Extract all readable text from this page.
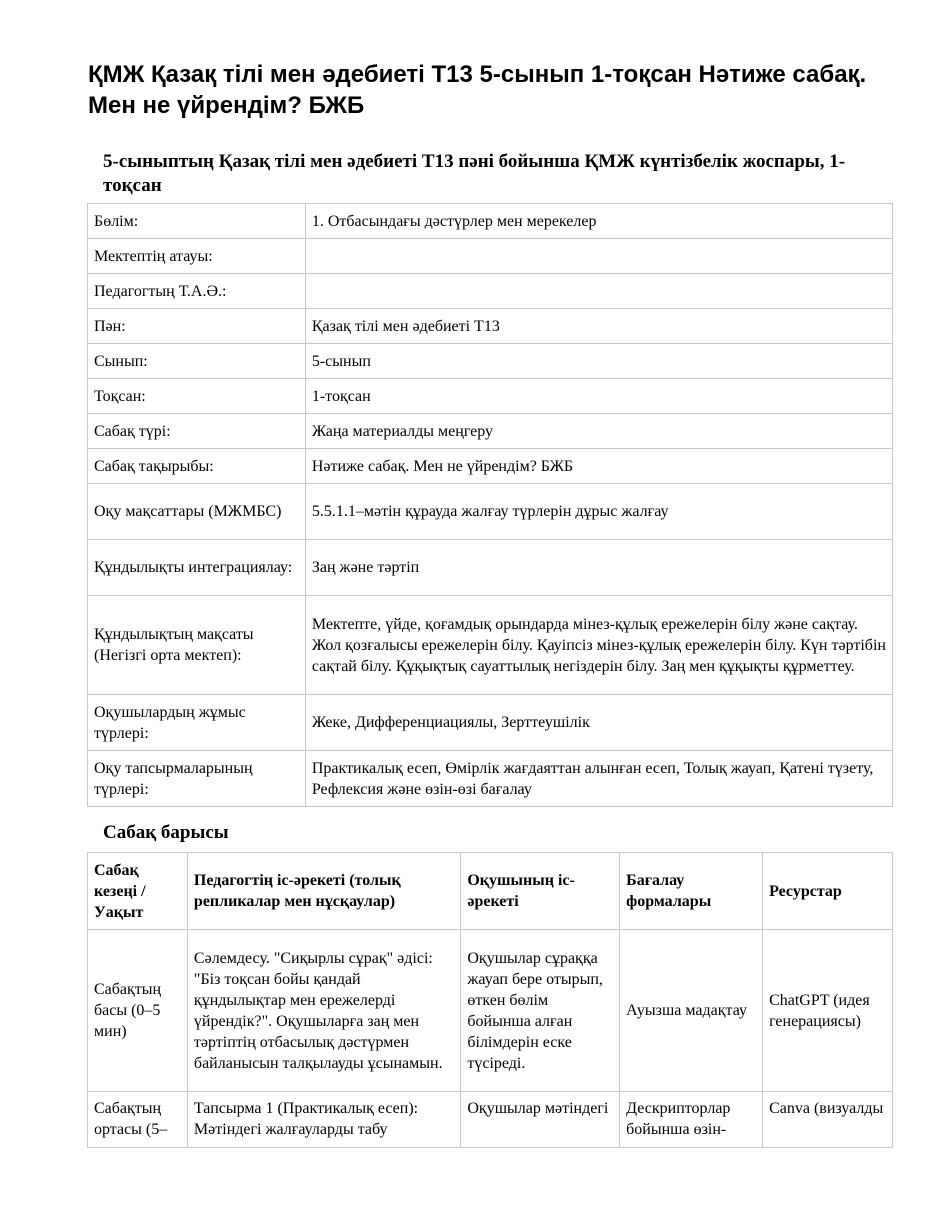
ҚМЖ Қазақ тілі мен әдебиеті Т13 5-сынып 1-тоқсан Нәтиже сабақ. Мен не үйрендім? БЖБ
5-сыныптың Қазақ тілі мен әдебиеті Т13 пәні бойынша ҚМЖ күнтізбелік жоспары, 1-тоқсан
Бөлім:	1. Отбасындағы дәстүрлер мен мерекелер
Мектептің атауы:	
Педагогтың Т.А.Ә.:	
Пән:	Қазақ тілі мен әдебиеті Т13
Сынып:	5-сынып
Тоқсан:	1-тоқсан
Сабақ түрі:	Жаңа материалды меңгеру
Сабақ тақырыбы:	Нәтиже сабақ. Мен не үйрендім? БЖБ
Оқу мақсаттары (МЖМБС)	5.5.1.1–мәтін құрауда жалғау түрлерін дұрыс жалғау
Құндылықты интеграциялау:	Заң және тәртіп
Құндылықтың мақсаты (Негізгі орта мектеп):	Мектепте, үйде, қоғамдық орындарда мінез-құлық ережелерін білу және сақтау. Жол қозғалысы ережелерін білу. Қауіпсіз мінез-құлық ережелерін білу. Күн тәртібін сақтай білу. Құқықтық сауаттылық негіздерін білу. Заң мен құқықты құрметтеу.
Оқушылардың жұмыс түрлері:	Жеке, Дифференциациялы, Зерттеушілік
Оқу тапсырмаларының түрлері:	Практикалық есеп, Өмірлік жағдаяттан алынған есеп, Толық жауап, Қатені түзету, Рефлексия және өзін-өзі бағалау
Сабақ барысы
Сабақ кезеңі / Уақыт	Педагогтің іс-әрекеті (толық репликалар мен нұсқаулар)	Оқушының іс-әрекеті	Бағалау формалары	Ресурстар
Сабақтың басы (0–5 мин)	Сәлемдесу. "Сиқырлы сұрақ" әдісі: "Біз тоқсан бойы қандай құндылықтар мен ережелерді үйрендік?". Оқушыларға заң мен тәртіптің отбасылық дәстүрмен байланысын талқылауды ұсынамын.	Оқушылар сұраққа жауап бере отырып, өткен бөлім бойынша алған білімдерін еске түсіреді.	Ауызша мадақтау	ChatGPT (идея генерациясы)
Сабақтың ортасы (5–	Тапсырма 1 (Практикалық есеп): Мәтіндегі жалғауларды табу	Оқушылар мәтіндегі	Дескрипторлар бойынша өзін-	Canva (визуалды
